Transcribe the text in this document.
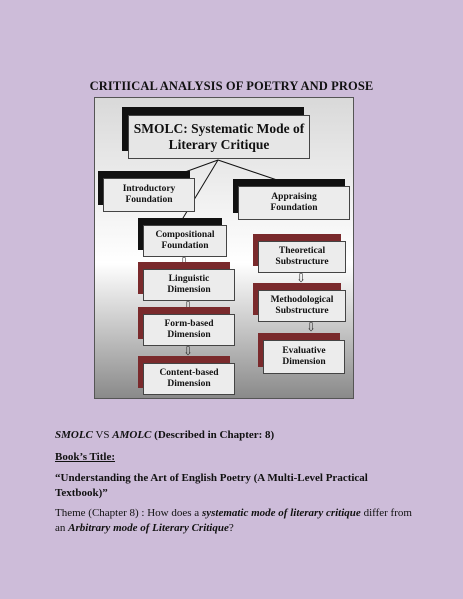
CRITIICAL ANALYSIS OF POETRY AND PROSE
SMOLC: Systematic Mode of
Literary Critique
Introductory
Foundation	Appraising
Foundation
Compositional
Foundation
⇩
Linguistic
Dimension
⇩
Form-based
Dimension
⇩
Content-based
Dimension
Theoretical
Substructure
⇩
Methodological
Substructure
⇩
Evaluative
Dimension
SMOLC VS AMOLC (Described in Chapter: 8)
Book’s Title:
“Understanding the Art of English Poetry (A Multi-Level Practical Textbook)”
Theme (Chapter 8) : How does a systematic mode of literary critique differ from an Arbitrary mode of Literary Critique?
